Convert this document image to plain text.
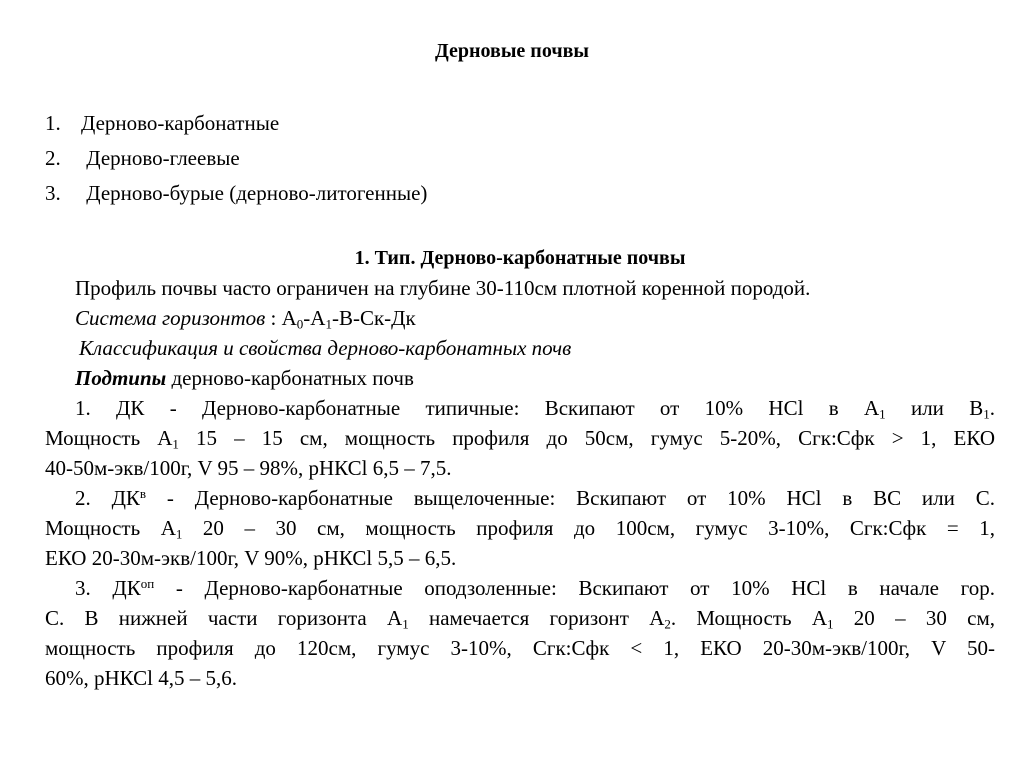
Дерновые почвы
1. Дерново-карбонатные
2. Дерново-глеевые
3. Дерново-бурые (дерново-литогенные)

1. Тип. Дерново-карбонатные почвы

Профиль почвы часто ограничен на глубине 30-110см плотной коренной породой.

Система горизонтов : $А_0-А_1-В-Ск-Дк$

Классификация и свойства дерново-карбонатных почв

Подтипы дерново-карбонатных почв

1. ДК - Дерново-карбонатные типичные: Вскипают от 10% НСl в $А_1$ или $В_1$.

Мощность $А_1$ 15 – 15 см, мощность профиля до 50см, гумус 5-20%, Сгк:Сфк > 1, ЕКО

40-50м-экв/100г, V 95 – 98%, рНКСl 6,5 – 7,5.

2. $ДК^в$ - Дерново-карбонатные выщелоченные: Вскипают от 10% НСl в ВС или С.

Мощность $А_1$ 20 – 30 см, мощность профиля до 100см, гумус 3-10%, Сгк:Сфк = 1,

ЕКО 20-30м-экв/100г, V 90%, рНКСl 5,5 – 6,5.

3. $ДК^{оп}$ - Дерново-карбонатные оподзоленные: Вскипают от 10% НСl в начале гор.

С. В нижней части горизонта $А_1$ намечается горизонт $А_2$. Мощность $А_1$ 20 – 30 см,

мощность профиля до 120см, гумус 3-10%, Сгк:Сфк < 1, ЕКО 20-30м-экв/100г, V 50-

60%, рНКСl 4,5 – 5,6.
